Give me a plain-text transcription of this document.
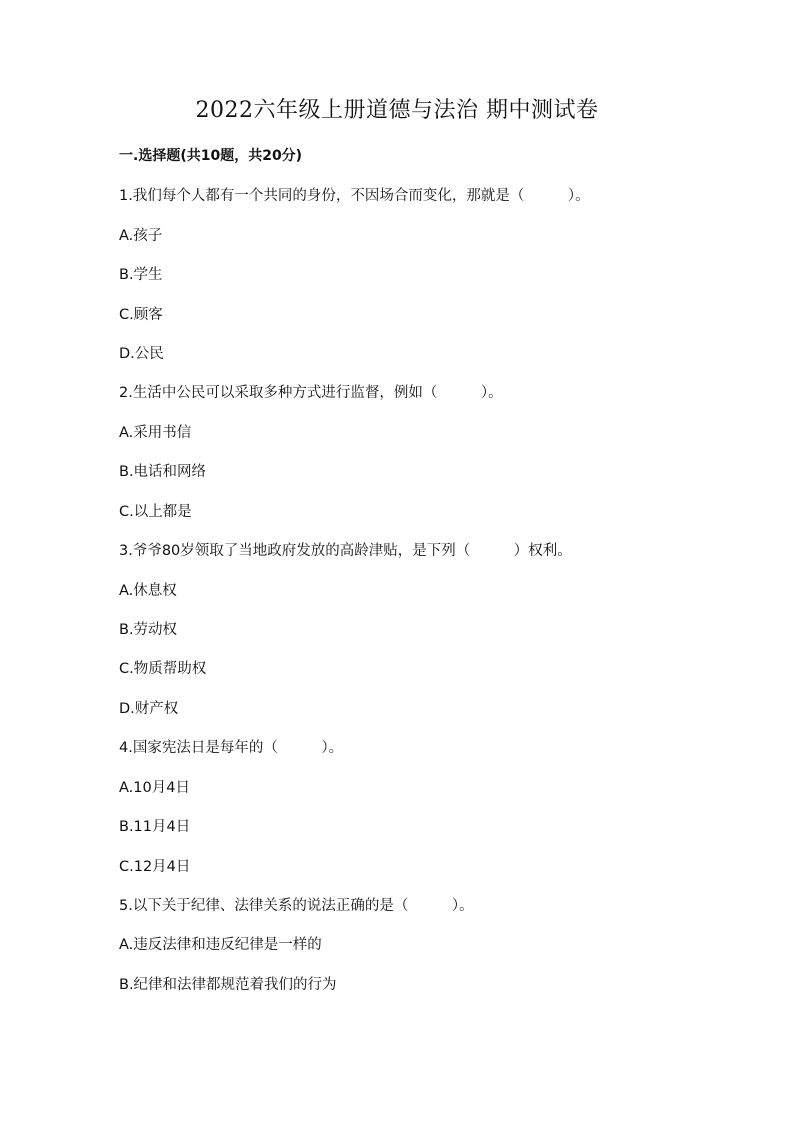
2022六年级上册道德与法治 期中测试卷
一.选择题(共10题，共20分)
1.我们每个人都有一个共同的身份，不因场合而变化，那就是（　　　）。
A.孩子
B.学生
C.顾客
D.公民
2.生活中公民可以采取多种方式进行监督，例如（　　　）。
A.采用书信
B.电话和网络
C.以上都是
3.爷爷80岁领取了当地政府发放的高龄津贴，是下列（　　　）权利。
A.休息权
B.劳动权
C.物质帮助权
D.财产权
4.国家宪法日是每年的（　　　）。
A.10月4日
B.11月4日
C.12月4日
5.以下关于纪律、法律关系的说法正确的是（　　　）。
A.违反法律和违反纪律是一样的
B.纪律和法律都规范着我们的行为
